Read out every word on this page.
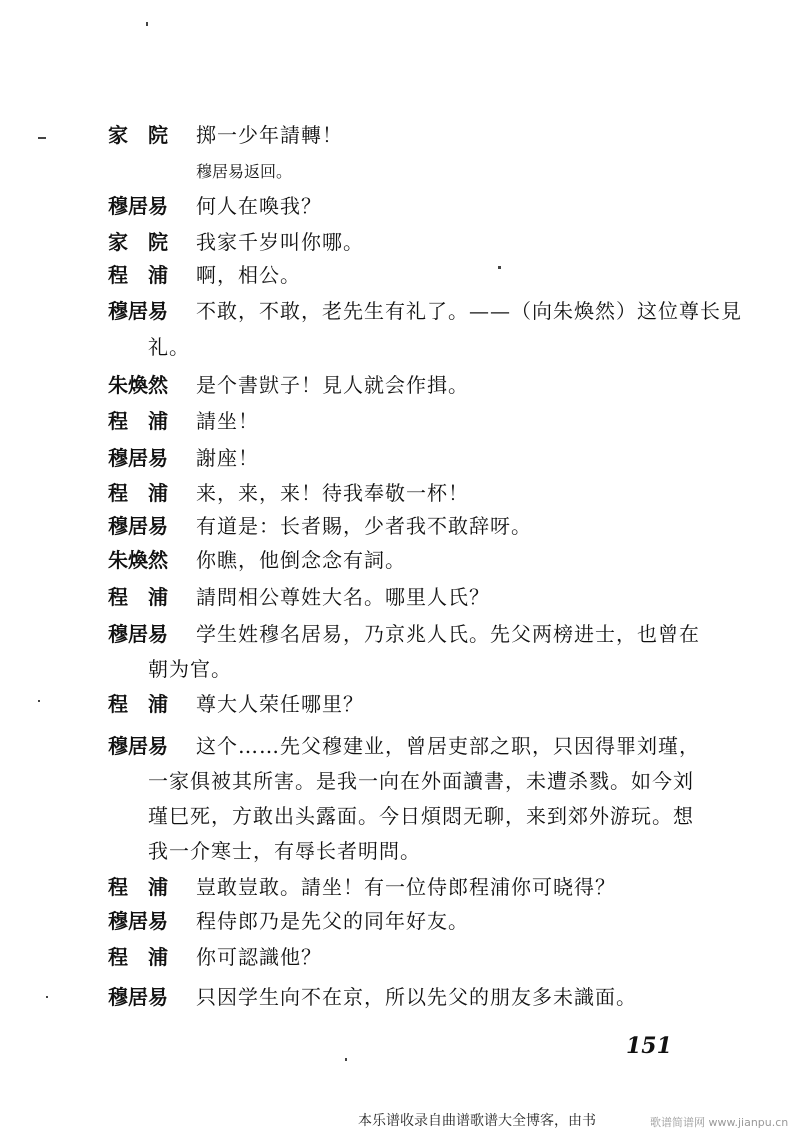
家　院	掷一少年請轉！
穆居易返回。
穆居易	何人在喚我？
家　院	我家千岁叫你哪。
程　浦	啊，相公。
穆居易	不敢，不敢，老先生有礼了。——（向朱煥然）这位尊长見
礼。
朱煥然	是个書獃子！見人就会作揖。
程　浦	請坐！
穆居易	謝座！
程　浦	来，来，来！待我奉敬一杯！
穆居易	有道是：长者賜，少者我不敢辞呀。
朱煥然	你瞧，他倒念念有詞。
程　浦	請問相公尊姓大名。哪里人氏？
穆居易	学生姓穆名居易，乃京兆人氏。先父两榜进士，也曾在
朝为官。
程　浦	尊大人荣任哪里？
穆居易	这个……先父穆建业，曾居吏部之职，只因得罪刘瑾，
一家俱被其所害。是我一向在外面讀書，未遭杀戮。如今刘
瑾巳死，方敢出头露面。今日煩悶无聊，来到郊外游玩。想
我一介寒士，有辱长者明問。
程　浦	豈敢豈敢。請坐！有一位侍郎程浦你可晓得？
穆居易	程侍郎乃是先父的同年好友。
程　浦	你可認識他？
穆居易	只因学生向不在京，所以先父的朋友多未識面。
151
本乐谱收录自曲谱歌谱大全博客，由书	歌谱简谱网 www.jianpu.cn
